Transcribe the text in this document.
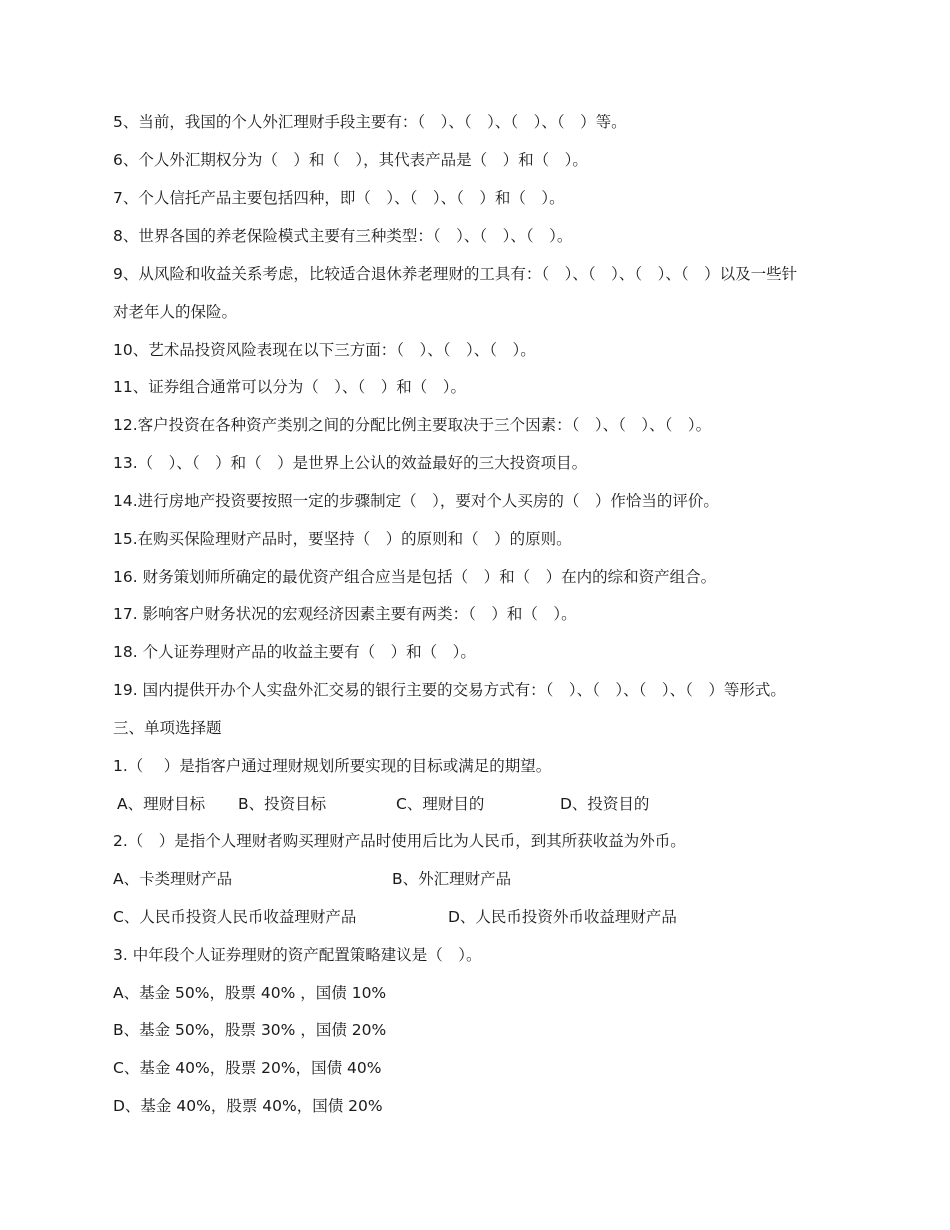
5、当前，我国的个人外汇理财手段主要有：（　）、（　）、（　）、（　）等。
6、个人外汇期权分为（　）和（　），其代表产品是（　）和（　）。
7、个人信托产品主要包括四种，即（　）、（　）、（　）和（　）。
8、世界各国的养老保险模式主要有三种类型：（　）、（　）、（　）。
9、从风险和收益关系考虑，比较适合退休养老理财的工具有：（　）、（　）、（　）、（　）以及一些针
对老年人的保险。
10、艺术品投资风险表现在以下三方面：（　）、（　）、（　）。
11、证券组合通常可以分为（　）、（　）和（　）。
12.客户投资在各种资产类别之间的分配比例主要取决于三个因素：（　）、（　）、（　）。
13.（　）、（　）和（　）是世界上公认的效益最好的三大投资项目。
14.进行房地产投资要按照一定的步骤制定（　），要对个人买房的（　）作恰当的评价。
15.在购买保险理财产品时，要坚持（　）的原则和（　）的原则。
16. 财务策划师所确定的最优资产组合应当是包括（　）和（　）在内的综和资产组合。
17. 影响客户财务状况的宏观经济因素主要有两类：（　）和（　）。
18. 个人证券理财产品的收益主要有（　）和（　）。
19. 国内提供开办个人实盘外汇交易的银行主要的交易方式有：（　）、（　）、（　）、（　）等形式。
三、单项选择题
1.（　 ）是指客户通过理财规划所要实现的目标或满足的期望。
A、理财目标 B、投资目标	C、理财目的	D、投资目的
2.（　）是指个人理财者购买理财产品时使用后比为人民币，到其所获收益为外币。
A、卡类理财产品	B、外汇理财产品
C、人民币投资人民币收益理财产品	D、人民币投资外币收益理财产品
3. 中年段个人证券理财的资产配置策略建议是（　）。
A、基金 50%，股票 40% ，国债 10%
B、基金 50%，股票 30% ，国债 20%
C、基金 40%，股票 20%，国债 40%
D、基金 40%，股票 40%，国债 20%
